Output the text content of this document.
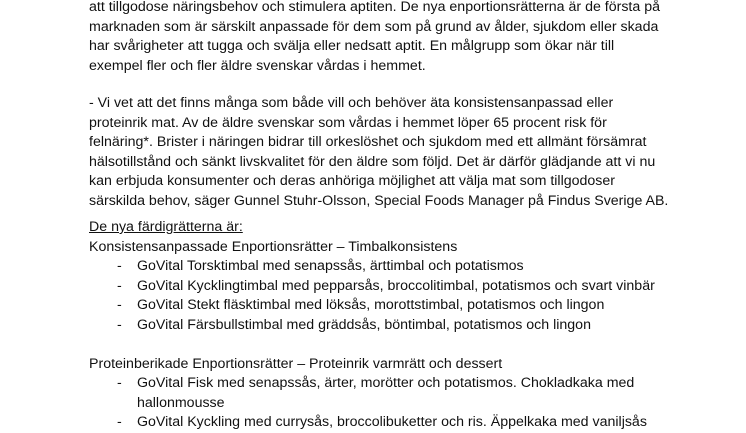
att tillgodose näringsbehov och stimulera aptiten. De nya enportionsrätterna är de första på
marknaden som är särskilt anpassade för dem som på grund av ålder, sjukdom eller skada
har svårigheter att tugga och svälja eller nedsatt aptit. En målgrupp som ökar när till
exempel fler och fler äldre svenskar vårdas i hemmet.
- Vi vet att det finns många som både vill och behöver äta konsistensanpassad eller
proteinrik mat. Av de äldre svenskar som vårdas i hemmet löper 65 procent risk för
felnäring*. Brister i näringen bidrar till orkeslöshet och sjukdom med ett allmänt försämrat
hälsotillstånd och sänkt livskvalitet för den äldre som följd. Det är därför glädjande att vi nu
kan erbjuda konsumenter och deras anhöriga möjlighet att välja mat som tillgodoser
särskilda behov, säger Gunnel Stuhr-Olsson, Special Foods Manager på Findus Sverige AB.
De nya färdigrätterna är:
Konsistensanpassade Enportionsrätter – Timbalkonsistens
- GoVital Torsktimbal med senapssås, ärttimbal och potatismos
- GoVital Kycklingtimbal med pepparsås, broccolitimbal, potatismos och svart vinbär
- GoVital Stekt fläsktimbal med löksås, morottstimbal, potatismos och lingon
- GoVital Färsbullstimbal med gräddsås, böntimbal, potatismos och lingon
Proteinberikade Enportionsrätter – Proteinrik varmrätt och dessert
- GoVital Fisk med senapssås, ärter, morötter och potatismos. Chokladkaka med
hallonmousse
- GoVital Kyckling med currysås, broccolibuketter och ris. Äppelkaka med vaniljsås
